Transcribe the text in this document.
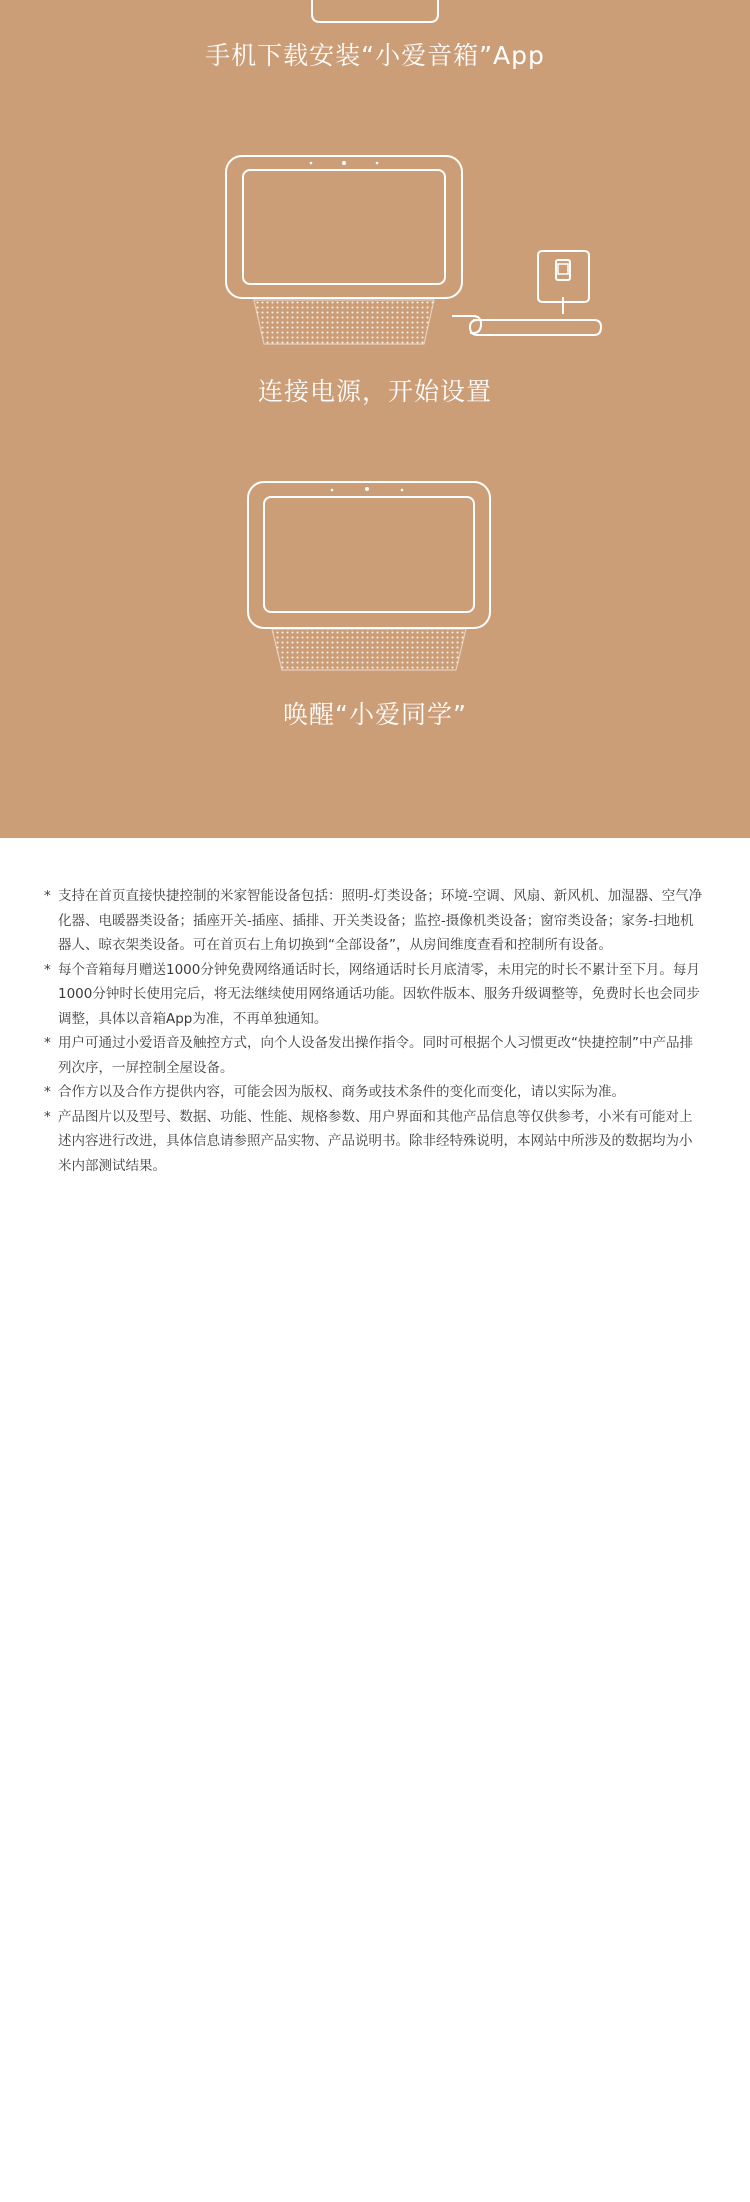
手机下载安装“小爱音箱”App
连接电源，开始设置
唤醒“小爱同学”

* 支持在首页直接快捷控制的米家智能设备包括：照明-灯类设备；环境-空调、风扇、新风机、加湿器、空气净化器、电暖器类设备；插座开关-插座、插排、开关类设备；监控-摄像机类设备；窗帘类设备；家务-扫地机器人、晾衣架类设备。可在首页右上角切换到“全部设备”，从房间维度查看和控制所有设备。

* 每个音箱每月赠送1000分钟免费网络通话时长，网络通话时长月底清零，未用完的时长不累计至下月。每月1000分钟时长使用完后，将无法继续使用网络通话功能。因软件版本、服务升级调整等，免费时长也会同步调整，具体以音箱App为准，不再单独通知。

* 用户可通过小爱语音及触控方式，向个人设备发出操作指令。同时可根据个人习惯更改“快捷控制”中产品排列次序，一屏控制全屋设备。

* 合作方以及合作方提供内容，可能会因为版权、商务或技术条件的变化而变化，请以实际为准。

* 产品图片以及型号、数据、功能、性能、规格参数、用户界面和其他产品信息等仅供参考，小米有可能对上述内容进行改进，具体信息请参照产品实物、产品说明书。除非经特殊说明，本网站中所涉及的数据均为小米内部测试结果。
